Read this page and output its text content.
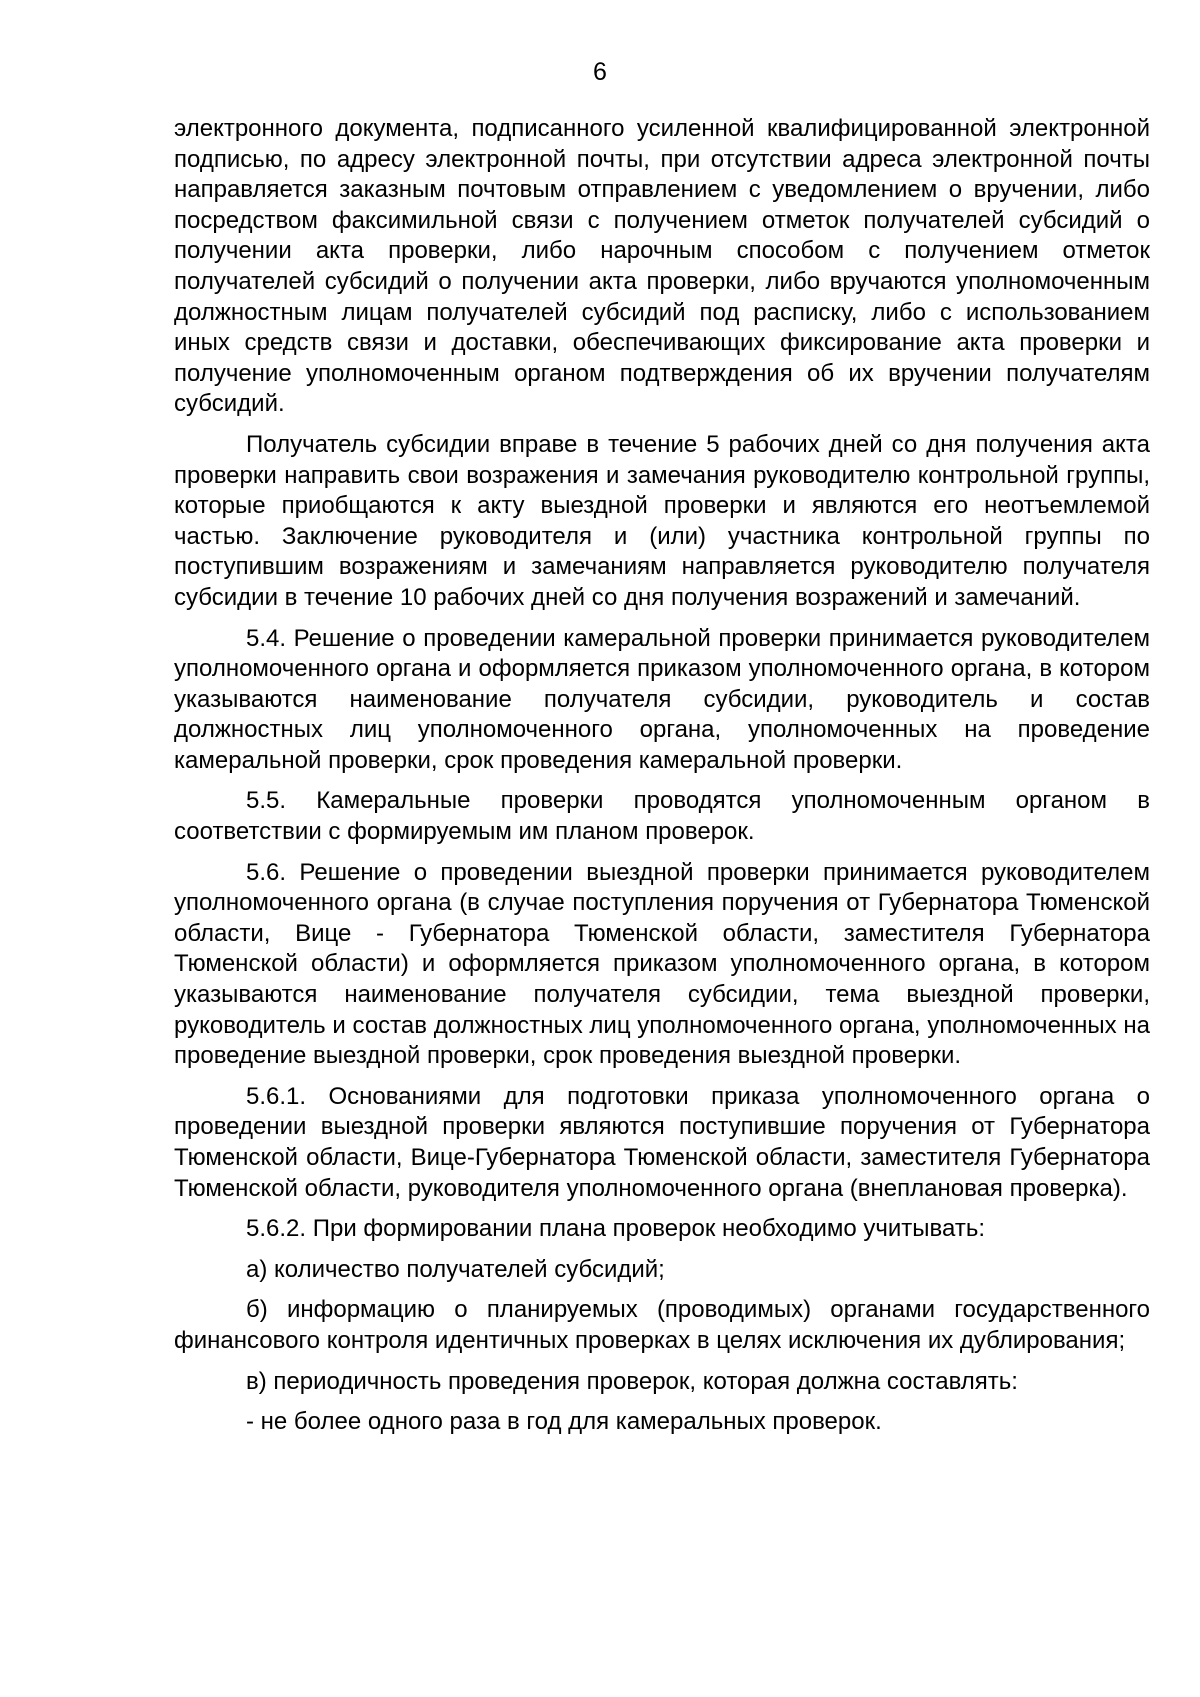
6

электронного документа, подписанного усиленной квалифицированной электронной подписью, по адресу электронной почты, при отсутствии адреса электронной почты направляется заказным почтовым отправлением с уведомлением о вручении, либо посредством факсимильной связи с получением отметок получателей субсидий о получении акта проверки, либо нарочным способом с получением отметок получателей субсидий о получении акта проверки, либо вручаются уполномоченным должностным лицам получателей субсидий под расписку, либо с использованием иных средств связи и доставки, обеспечивающих фиксирование акта проверки и получение уполномоченным органом подтверждения об их вручении получателям субсидий.

Получатель субсидии вправе в течение 5 рабочих дней со дня получения акта проверки направить свои возражения и замечания руководителю контрольной группы, которые приобщаются к акту выездной проверки и являются его неотъемлемой частью. Заключение руководителя и (или) участника контрольной группы по поступившим возражениям и замечаниям направляется руководителю получателя субсидии в течение 10 рабочих дней со дня получения возражений и замечаний.

5.4. Решение о проведении камеральной проверки принимается руководителем уполномоченного органа и оформляется приказом уполномоченного органа, в котором указываются наименование получателя субсидии, руководитель и состав должностных лиц уполномоченного органа, уполномоченных на проведение камеральной проверки, срок проведения камеральной проверки.

5.5. Камеральные проверки проводятся уполномоченным органом в соответствии с формируемым им планом проверок.

5.6. Решение о проведении выездной проверки принимается руководителем уполномоченного органа (в случае поступления поручения от Губернатора Тюменской области, Вице - Губернатора Тюменской области, заместителя Губернатора Тюменской области) и оформляется приказом уполномоченного органа, в котором указываются наименование получателя субсидии, тема выездной проверки, руководитель и состав должностных лиц уполномоченного органа, уполномоченных на проведение выездной проверки, срок проведения выездной проверки.

5.6.1. Основаниями для подготовки приказа уполномоченного органа о проведении выездной проверки являются поступившие поручения от Губернатора Тюменской области, Вице-Губернатора Тюменской области, заместителя Губернатора Тюменской области, руководителя уполномоченного органа (внеплановая проверка).

5.6.2. При формировании плана проверок необходимо учитывать:

а) количество получателей субсидий;

б) информацию о планируемых (проводимых) органами государственного финансового контроля идентичных проверках в целях исключения их дублирования;

в) периодичность проведения проверок, которая должна составлять:

- не более одного раза в год для камеральных проверок.
